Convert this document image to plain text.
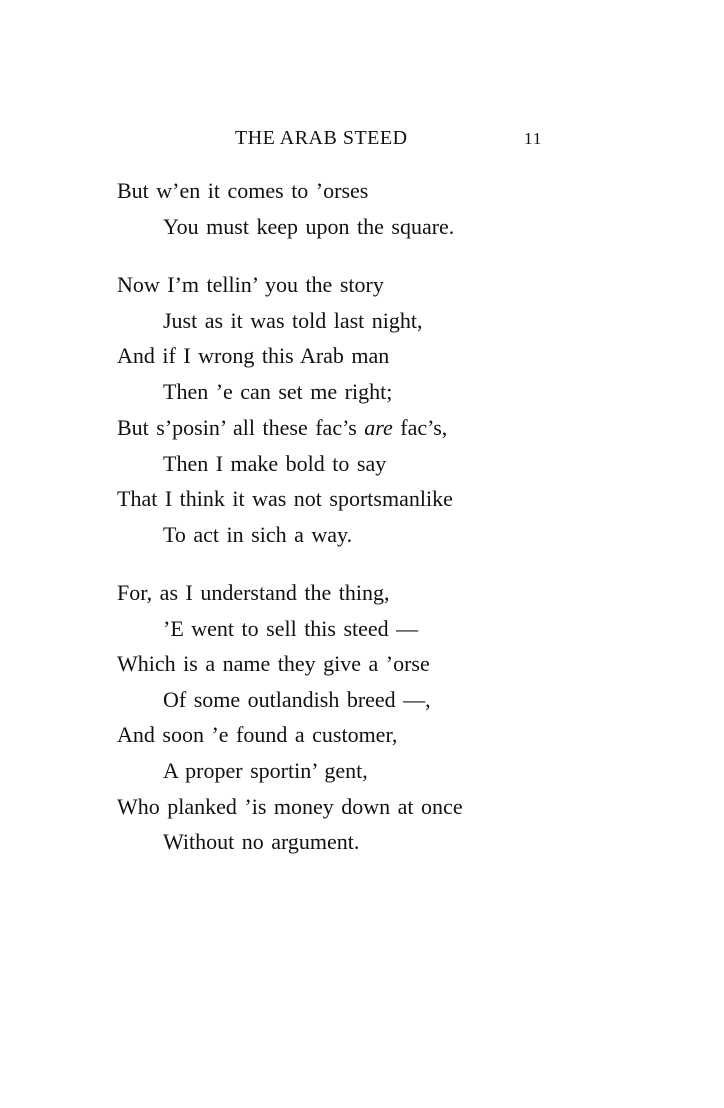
THE ARAB STEED	11
But w’en it comes to ’orses
You must keep upon the square.
Now I’m tellin’ you the story
Just as it was told last night,
And if I wrong this Arab man
Then ’e can set me right;
But s’posin’ all these fac’s are fac’s,
Then I make bold to say
That I think it was not sportsmanlike
To act in sich a way.
For, as I understand the thing,
’E went to sell this steed —
Which is a name they give a ’orse
Of some outlandish breed —,
And soon ’e found a customer,
A proper sportin’ gent,
Who planked ’is money down at once
Without no argument.
